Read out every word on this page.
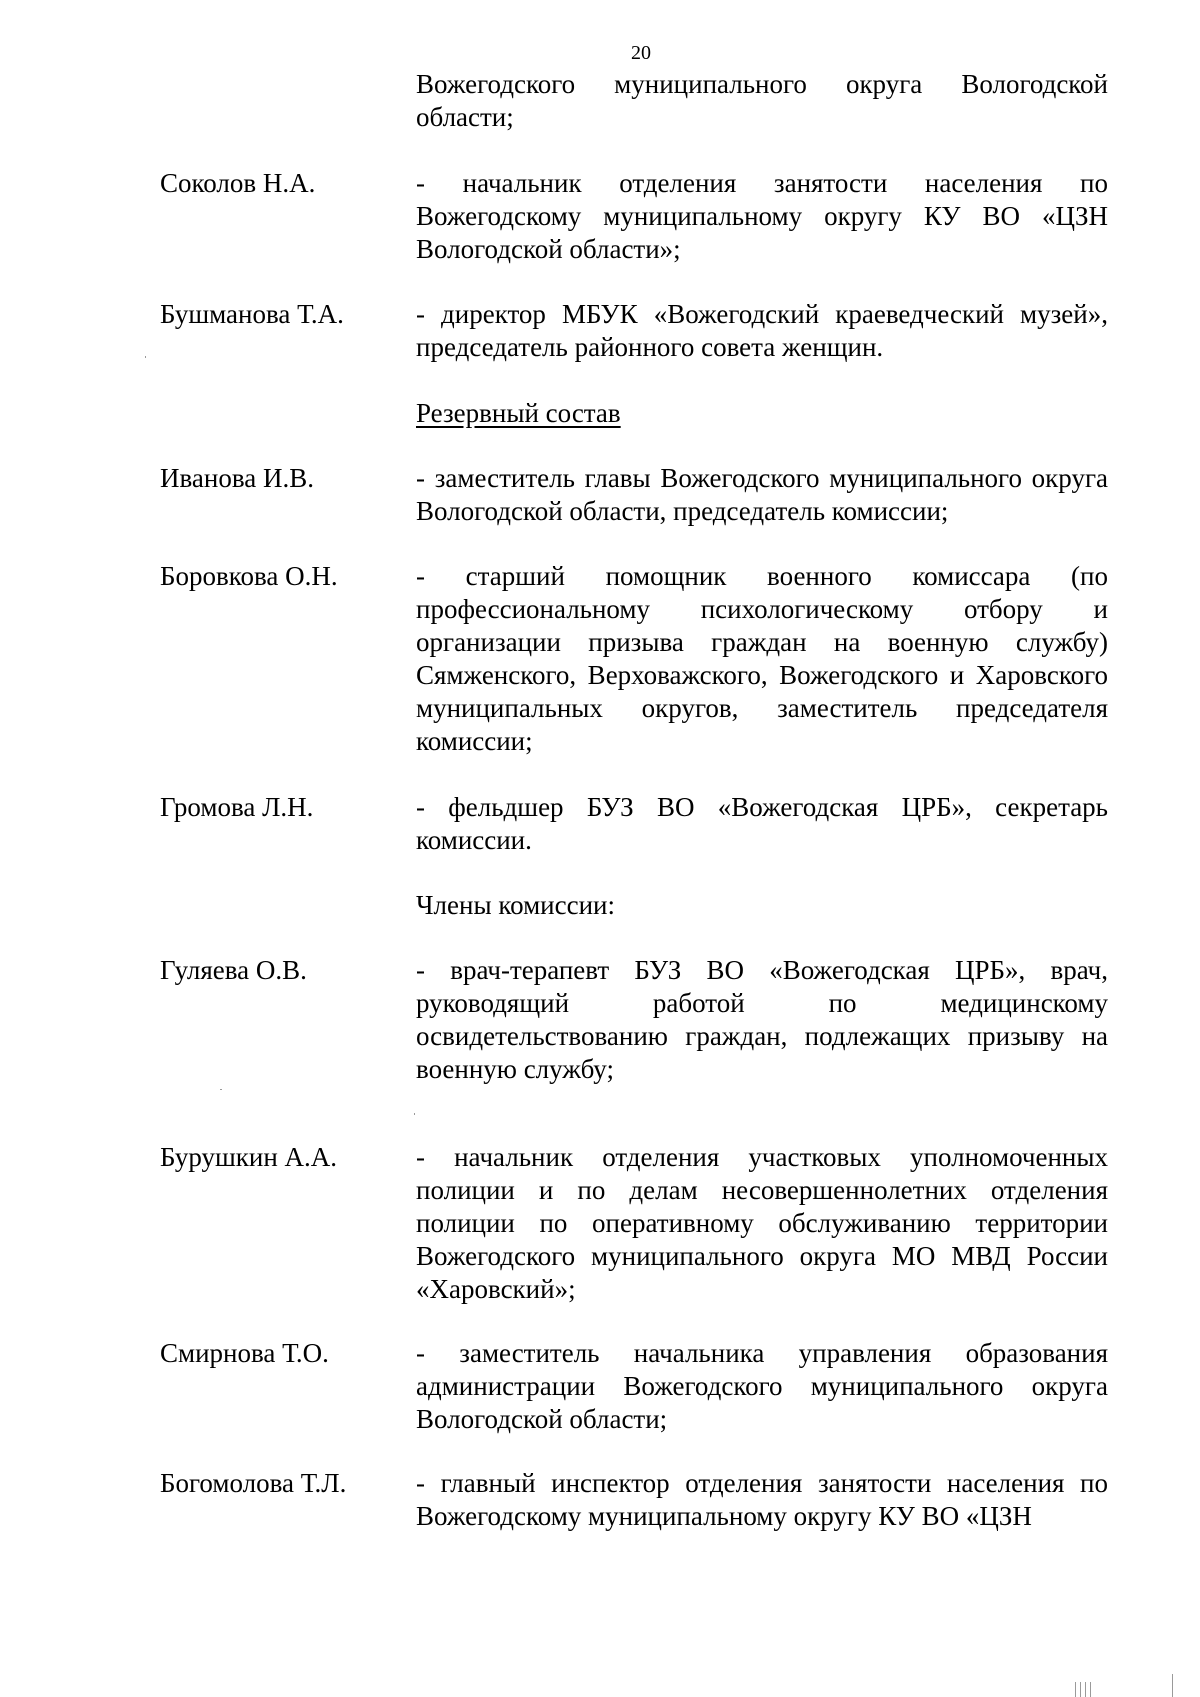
20
Вожегодского муниципального округа Вологодской области;
Соколов Н.А.	- начальник отделения занятости населения по Вожегодскому муниципальному округу КУ ВО «ЦЗН Вологодской области»;
Бушманова Т.А.	- директор МБУК «Вожегодский краеведческий музей», председатель районного совета женщин.
Резервный состав
Иванова И.В.	- заместитель главы Вожегодского муниципального округа Вологодской области, председатель комиссии;
Боровкова О.Н.	- старший помощник военного комиссара (по профессиональному психологическому отбору и организации призыва граждан на военную службу) Сямженского, Верховажского, Вожегодского и Харовского муниципальных округов, заместитель председателя комиссии;
Громова Л.Н.	- фельдшер БУЗ ВО «Вожегодская ЦРБ», секретарь комиссии.
Члены комиссии:
Гуляева О.В.	- врач-терапевт БУЗ ВО «Вожегодская ЦРБ», врач, руководящий работой по медицинскому освидетельствованию граждан, подлежащих призыву на военную службу;
Бурушкин А.А.	- начальник отделения участковых уполномоченных полиции и по делам несовершеннолетних отделения полиции по оперативному обслуживанию территории Вожегодского муниципального округа МО МВД России «Харовский»;
Смирнова Т.О.	- заместитель начальника управления образования администрации Вожегодского муниципального округа Вологодской области;
Богомолова Т.Л.	- главный инспектор отделения занятости населения по Вожегодскому муниципальному округу КУ ВО «ЦЗН
